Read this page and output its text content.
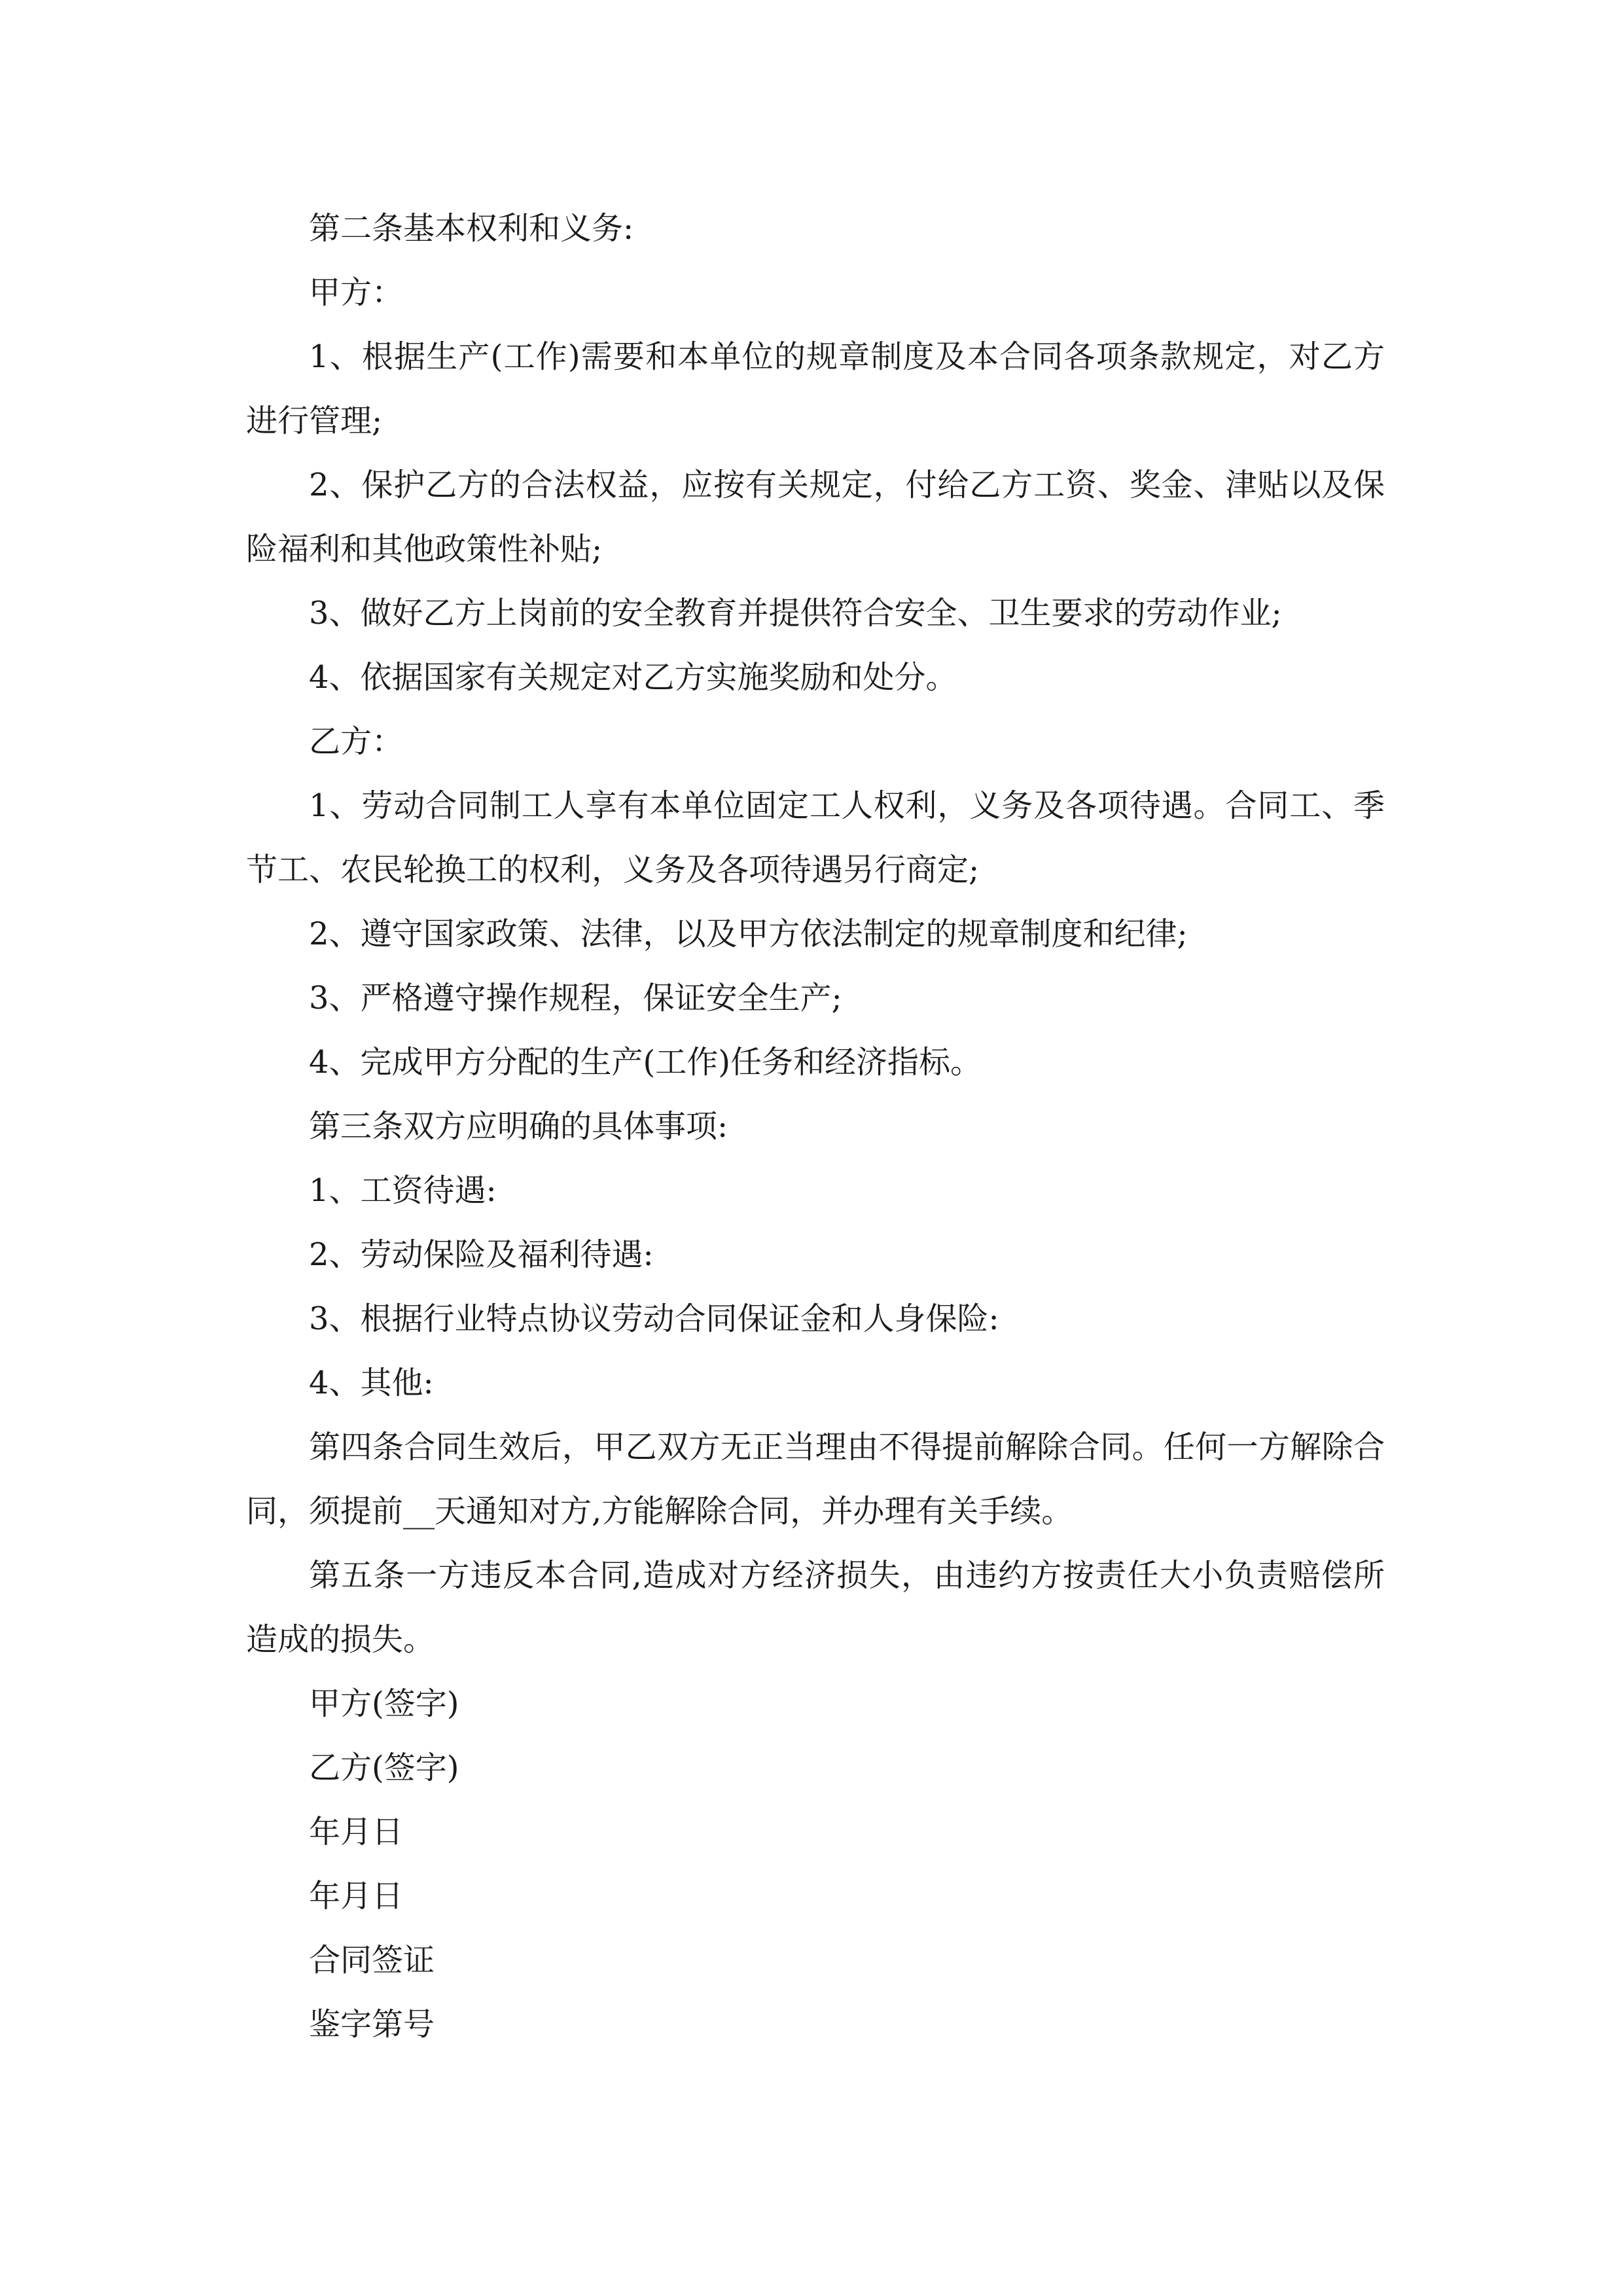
第二条基本权利和义务:

甲方：

1、根据生产(工作)需要和本单位的规章制度及本合同各项条款规定，对乙方进行管理;

2、保护乙方的合法权益，应按有关规定，付给乙方工资、奖金、津贴以及保险福利和其他政策性补贴;

3、做好乙方上岗前的安全教育并提供符合安全、卫生要求的劳动作业;

4、依据国家有关规定对乙方实施奖励和处分。

乙方：

1、劳动合同制工人享有本单位固定工人权利，义务及各项待遇。合同工、季节工、农民轮换工的权利，义务及各项待遇另行商定;

2、遵守国家政策、法律，以及甲方依法制定的规章制度和纪律;

3、严格遵守操作规程，保证安全生产;

4、完成甲方分配的生产(工作)任务和经济指标。

第三条双方应明确的具体事项:

1、工资待遇:

2、劳动保险及福利待遇:

3、根据行业特点协议劳动合同保证金和人身保险:

4、其他:

第四条合同生效后，甲乙双方无正当理由不得提前解除合同。任何一方解除合同，须提前__天通知对方,方能解除合同，并办理有关手续。

第五条一方违反本合同,造成对方经济损失，由违约方按责任大小负责赔偿所造成的损失。

甲方(签字)

乙方(签字)

年月日

年月日

合同签证

鉴字第号
